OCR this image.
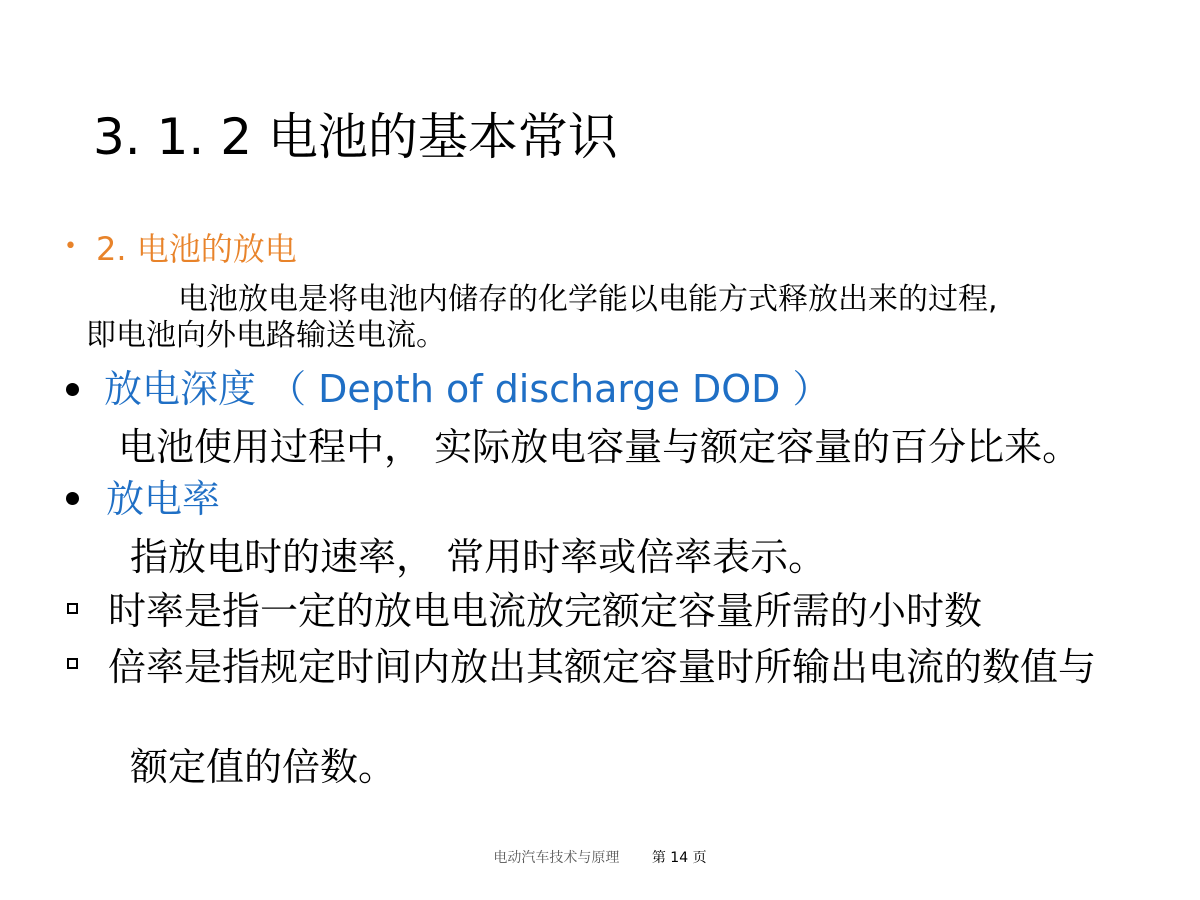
3. 1. 2 电池的基本常识
• 2. 电池的放电
电池放电是将电池内储存的化学能以电能方式释放出来的过程,
即电池向外电路输送电流。
放电深度 （ Depth of discharge DOD ）
电池使用过程中， 实际放电容量与额定容量的百分比来。
放电率
指放电时的速率， 常用时率或倍率表示。
时率是指一定的放电电流放完额定容量所需的小时数
倍率是指规定时间内放出其额定容量时所输出电流的数值与
额定值的倍数。
电动汽车技术与原理 第 14 页
